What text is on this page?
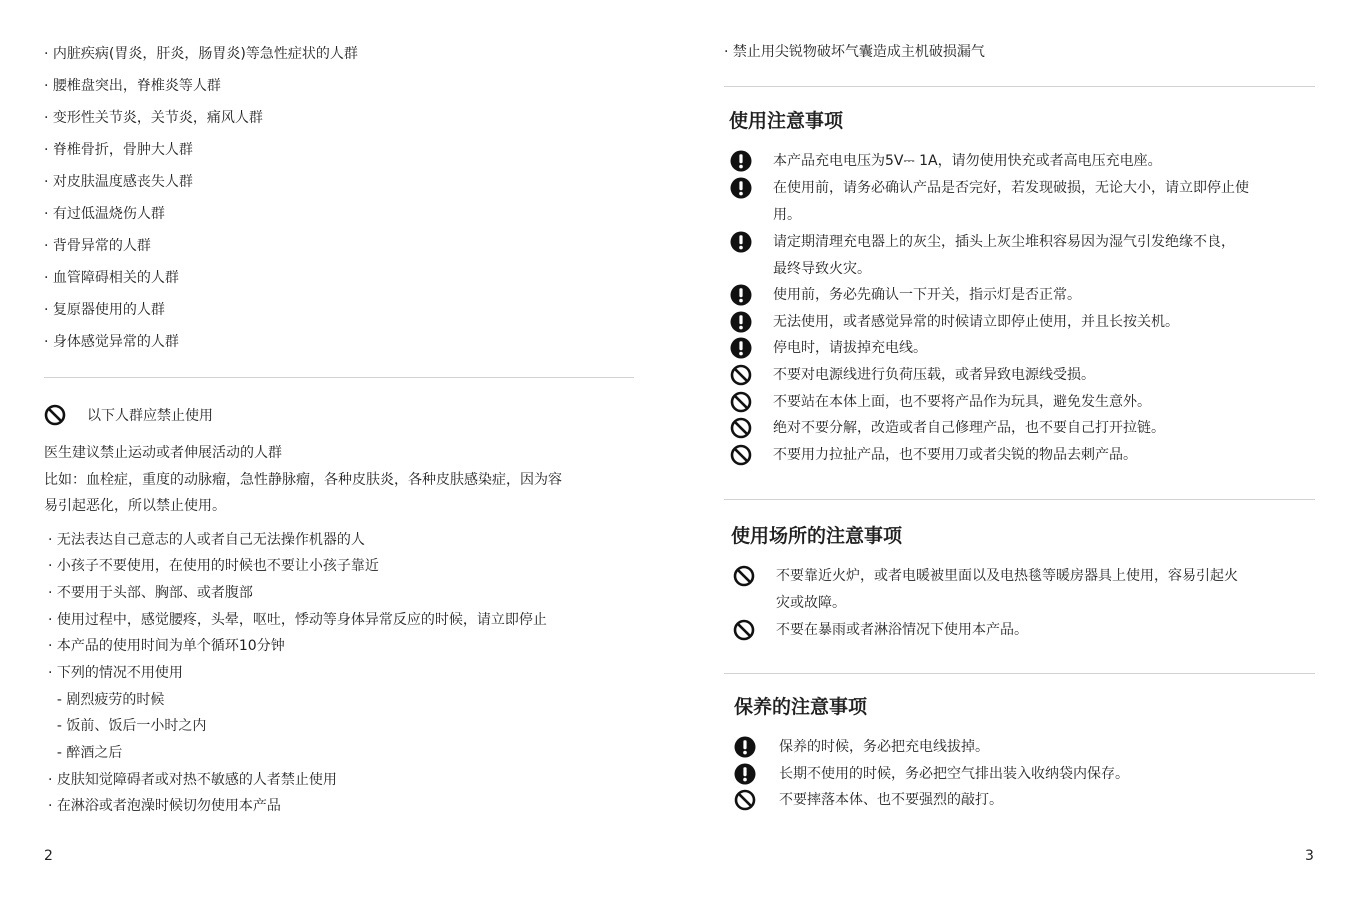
· 内脏疾病(胃炎，肝炎，肠胃炎)等急性症状的人群
· 腰椎盘突出，脊椎炎等人群
· 变形性关节炎，关节炎，痛风人群
· 脊椎骨折，骨肿大人群
· 对皮肤温度感丧失人群
· 有过低温烧伤人群
· 背骨异常的人群
· 血管障碍相关的人群
· 复原器使用的人群
· 身体感觉异常的人群
以下人群应禁止使用
医生建议禁止运动或者伸展活动的人群
比如：血栓症，重度的动脉瘤，急性静脉瘤，各种皮肤炎，各种皮肤感染症，因为容
易引起恶化，所以禁止使用。
· 无法表达自己意志的人或者自己无法操作机器的人
· 小孩子不要使用，在使用的时候也不要让小孩子靠近
· 不要用于头部、胸部、或者腹部
· 使用过程中，感觉腰疼，头晕，呕吐，悸动等身体异常反应的时候，请立即停止
· 本产品的使用时间为单个循环10分钟
· 下列的情况不用使用
- 剧烈疲劳的时候
- 饭前、饭后一小时之内
- 醉酒之后
· 皮肤知觉障碍者或对热不敏感的人者禁止使用
· 在淋浴或者泡澡时候切勿使用本产品
2
· 禁止用尖锐物破坏气囊造成主机破损漏气
使用注意事项
本产品充电电压为5V⎓ 1A，请勿使用快充或者高电压充电座。
在使用前，请务必确认产品是否完好，若发现破损，无论大小，请立即停止使
用。
请定期清理充电器上的灰尘，插头上灰尘堆积容易因为湿气引发绝缘不良，
最终导致火灾。
使用前，务必先确认一下开关，指示灯是否正常。
无法使用，或者感觉异常的时候请立即停止使用，并且长按关机。
停电时，请拔掉充电线。
不要对电源线进行负荷压载，或者异致电源线受损。
不要站在本体上面，也不要将产品作为玩具，避免发生意外。
绝对不要分解，改造或者自己修理产品，也不要自己打开拉链。
不要用力拉扯产品，也不要用刀或者尖锐的物品去刺产品。
使用场所的注意事项
不要靠近火炉，或者电暖被里面以及电热毯等暖房器具上使用，容易引起火
灾或故障。
不要在暴雨或者淋浴情况下使用本产品。
保养的注意事项
保养的时候，务必把充电线拔掉。
长期不使用的时候，务必把空气排出装入收纳袋内保存。
不要摔落本体、也不要强烈的敲打。
3
